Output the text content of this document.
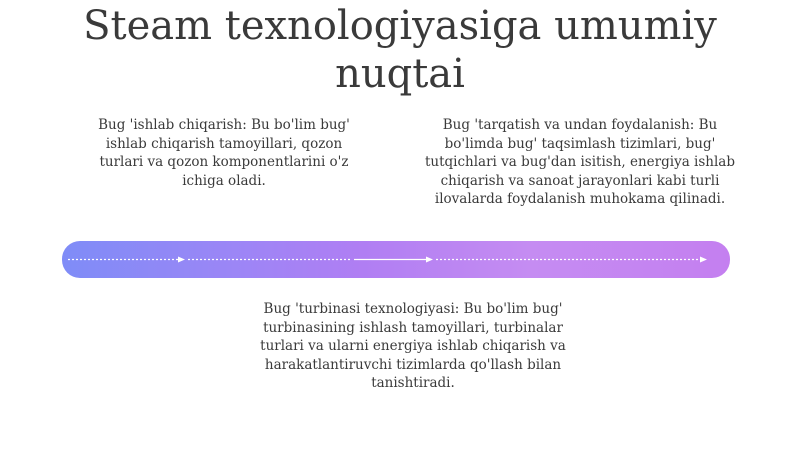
Steam texnologiyasiga umumiy nuqtai
Bug 'ishlab chiqarish: Bu bo'lim bug' ishlab chiqarish tamoyillari, qozon turlari va qozon komponentlarini o'z ichiga oladi.
Bug 'tarqatish va undan foydalanish: Bu bo'limda bug' taqsimlash tizimlari, bug' tutqichlari va bug'dan isitish, energiya ishlab chiqarish va sanoat jarayonlari kabi turli ilovalarda foydalanish muhokama qilinadi.
Bug 'turbinasi texnologiyasi: Bu bo'lim bug' turbinasining ishlash tamoyillari, turbinalar turlari va ularni energiya ishlab chiqarish va harakatlantiruvchi tizimlarda qo'llash bilan tanishtiradi.
